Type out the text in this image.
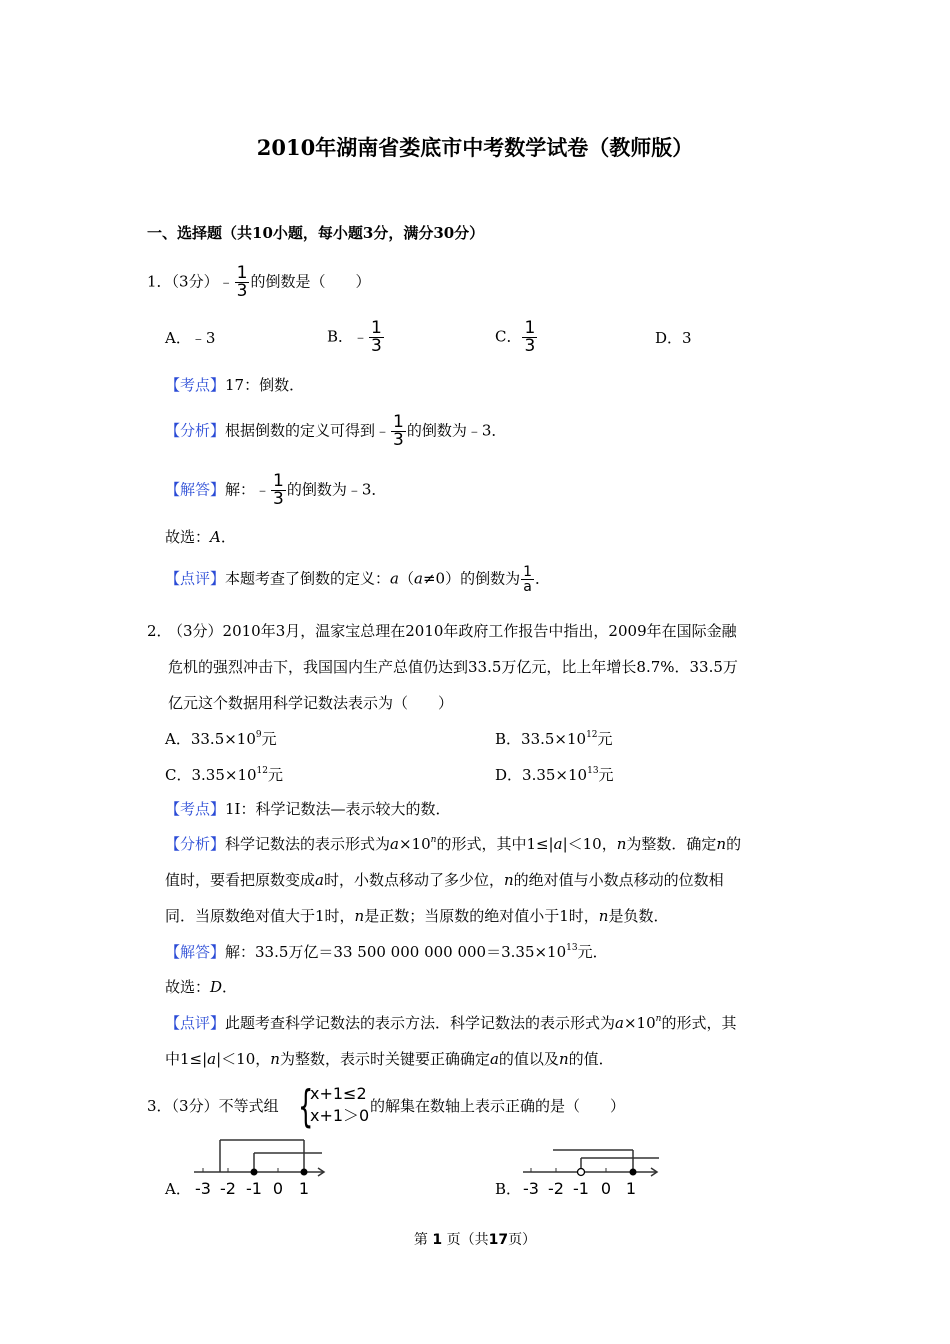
2010年湖南省娄底市中考数学试卷（教师版）
一、选择题（共10小题，每小题3分，满分30分）
1．（3分）﹣ $\frac{1}{3}$ 的倒数是（　　）
A．﹣3	B．﹣ $\frac{1}{3}$	C． $\frac{1}{3}$	D．3
【考点】17：倒数．
【分析】根据倒数的定义可得到﹣ $\frac{1}{3}$ 的倒数为﹣3．
【解答】解：﹣ $\frac{1}{3}$ 的倒数为﹣3．
故选：A．
【点评】本题考查了倒数的定义：a（a≠0）的倒数为 $\frac{1}{a}$ ．
2．
（3分）2010年3月，温家宝总理在2010年政府工作报告中指出，2009年在国际金融
危机的强烈冲击下，我国国内生产总值仍达到33.5万亿元，比上年增长8.7%．33.5万
亿元这个数据用科学记数法表示为（　　）
A．$33.5\times 10^9$元	B．$33.5\times 10^{12}$元
C．$3.35\times 10^{12}$元	D．$3.35\times 10^{13}$元
【考点】1I：科学记数法—表示较大的数．
【分析】科学记数法的表示形式为$a\times 10^n$的形式，其中1≤|a|＜10，n为整数．确定n的
值时，要看把原数变成a时，小数点移动了多少位，n的绝对值与小数点移动的位数相
同．当原数绝对值大于1时，n是正数；当原数的绝对值小于1时，n是负数．
【解答】解：33.5万亿＝33 500 000 000 $000=3.35\times 10^{13}$元．
故选：D．
【点评】此题考查科学记数法的表示方法．科学记数法的表示形式为$a\times 10^n$的形式，其
中1≤|a|＜10，n为整数，表示时关键要正确确定a的值以及n的值．
3．（3分）不等式组 {
x+1≤2
x+1＞0 的解集在数轴上表示正确的是（　　）
A． -3 -2 -1 0 1	B． -3 -2 -1 0 1
第 1 页（共17页）
